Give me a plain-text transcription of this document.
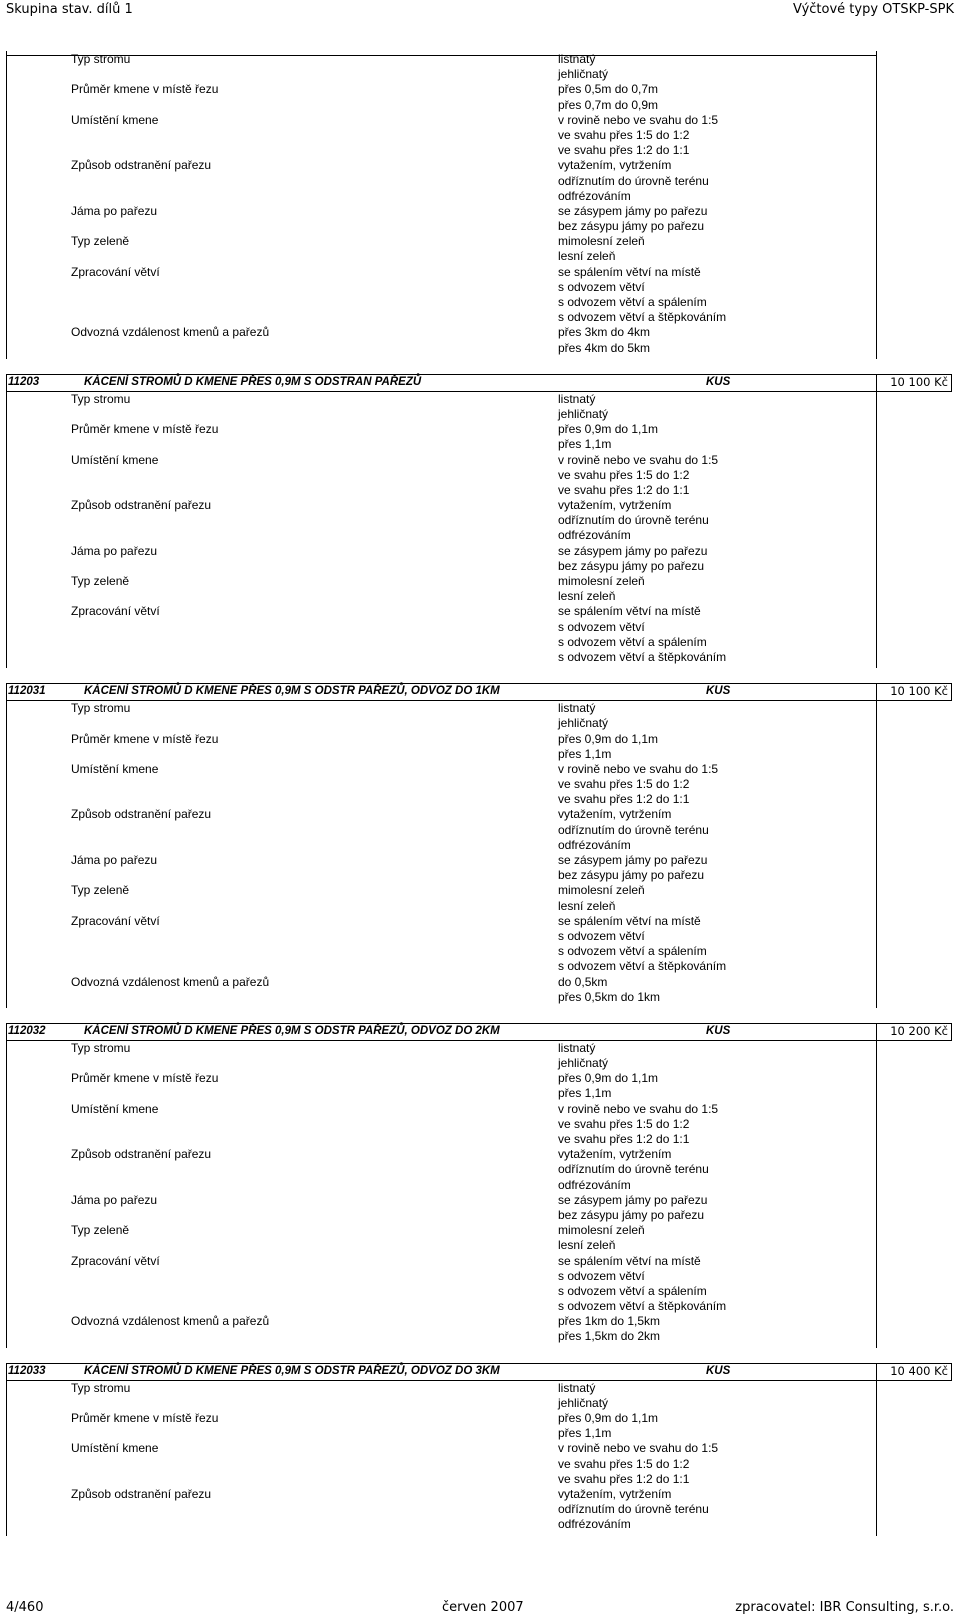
Skupina stav. dílů 1	Výčtové typy OTSKP-SPK
Typ stromu	listnatý
jehličnatý
Průměr kmene v místě řezu	přes 0,5m do 0,7m
přes 0,7m do 0,9m
Umístění kmene	v rovině nebo ve svahu do 1:5
ve svahu přes 1:5 do 1:2
ve svahu přes 1:2 do 1:1
Způsob odstranění pařezu	vytažením, vytržením
odříznutím do úrovně terénu
odfrézováním
Jáma po pařezu	se zásypem jámy po pařezu
bez zásypu jámy po pařezu
Typ zeleně	mimolesní zeleň
lesní zeleň
Zpracování větví	se spálením větví na místě
s odvozem větví
s odvozem větví a spálením
s odvozem větví a štěpkováním
Odvozná vzdálenost kmenů a pařezů	přes 3km do 4km
přes 4km do 5km
11203	KÁCENÍ STROMŮ D KMENE PŘES 0,9M S ODSTRAN PAŘEZŮ	KUS	10 100 Kč
Typ stromu	listnatý
jehličnatý
Průměr kmene v místě řezu	přes 0,9m do 1,1m
přes 1,1m
Umístění kmene	v rovině nebo ve svahu do 1:5
ve svahu přes 1:5 do 1:2
ve svahu přes 1:2 do 1:1
Způsob odstranění pařezu	vytažením, vytržením
odříznutím do úrovně terénu
odfrézováním
Jáma po pařezu	se zásypem jámy po pařezu
bez zásypu jámy po pařezu
Typ zeleně	mimolesní zeleň
lesní zeleň
Zpracování větví	se spálením větví na místě
s odvozem větví
s odvozem větví a spálením
s odvozem větví a štěpkováním
112031	KÁCENÍ STROMŮ D KMENE PŘES 0,9M S ODSTR PAŘEZŮ, ODVOZ DO 1KM	KUS	10 100 Kč
Typ stromu	listnatý
jehličnatý
Průměr kmene v místě řezu	přes 0,9m do 1,1m
přes 1,1m
Umístění kmene	v rovině nebo ve svahu do 1:5
ve svahu přes 1:5 do 1:2
ve svahu přes 1:2 do 1:1
Způsob odstranění pařezu	vytažením, vytržením
odříznutím do úrovně terénu
odfrézováním
Jáma po pařezu	se zásypem jámy po pařezu
bez zásypu jámy po pařezu
Typ zeleně	mimolesní zeleň
lesní zeleň
Zpracování větví	se spálením větví na místě
s odvozem větví
s odvozem větví a spálením
s odvozem větví a štěpkováním
Odvozná vzdálenost kmenů a pařezů	do 0,5km
přes 0,5km do 1km
112032	KÁCENÍ STROMŮ D KMENE PŘES 0,9M S ODSTR PAŘEZŮ, ODVOZ DO 2KM	KUS	10 200 Kč
Typ stromu	listnatý
jehličnatý
Průměr kmene v místě řezu	přes 0,9m do 1,1m
přes 1,1m
Umístění kmene	v rovině nebo ve svahu do 1:5
ve svahu přes 1:5 do 1:2
ve svahu přes 1:2 do 1:1
Způsob odstranění pařezu	vytažením, vytržením
odříznutím do úrovně terénu
odfrézováním
Jáma po pařezu	se zásypem jámy po pařezu
bez zásypu jámy po pařezu
Typ zeleně	mimolesní zeleň
lesní zeleň
Zpracování větví	se spálením větví na místě
s odvozem větví
s odvozem větví a spálením
s odvozem větví a štěpkováním
Odvozná vzdálenost kmenů a pařezů	přes 1km do 1,5km
přes 1,5km do 2km
112033	KÁCENÍ STROMŮ D KMENE PŘES 0,9M S ODSTR PAŘEZŮ, ODVOZ DO 3KM	KUS	10 400 Kč
Typ stromu	listnatý
jehličnatý
Průměr kmene v místě řezu	přes 0,9m do 1,1m
přes 1,1m
Umístění kmene	v rovině nebo ve svahu do 1:5
ve svahu přes 1:5 do 1:2
ve svahu přes 1:2 do 1:1
Způsob odstranění pařezu	vytažením, vytržením
odříznutím do úrovně terénu
odfrézováním
4/460	červen 2007	zpracovatel: IBR Consulting, s.r.o.
